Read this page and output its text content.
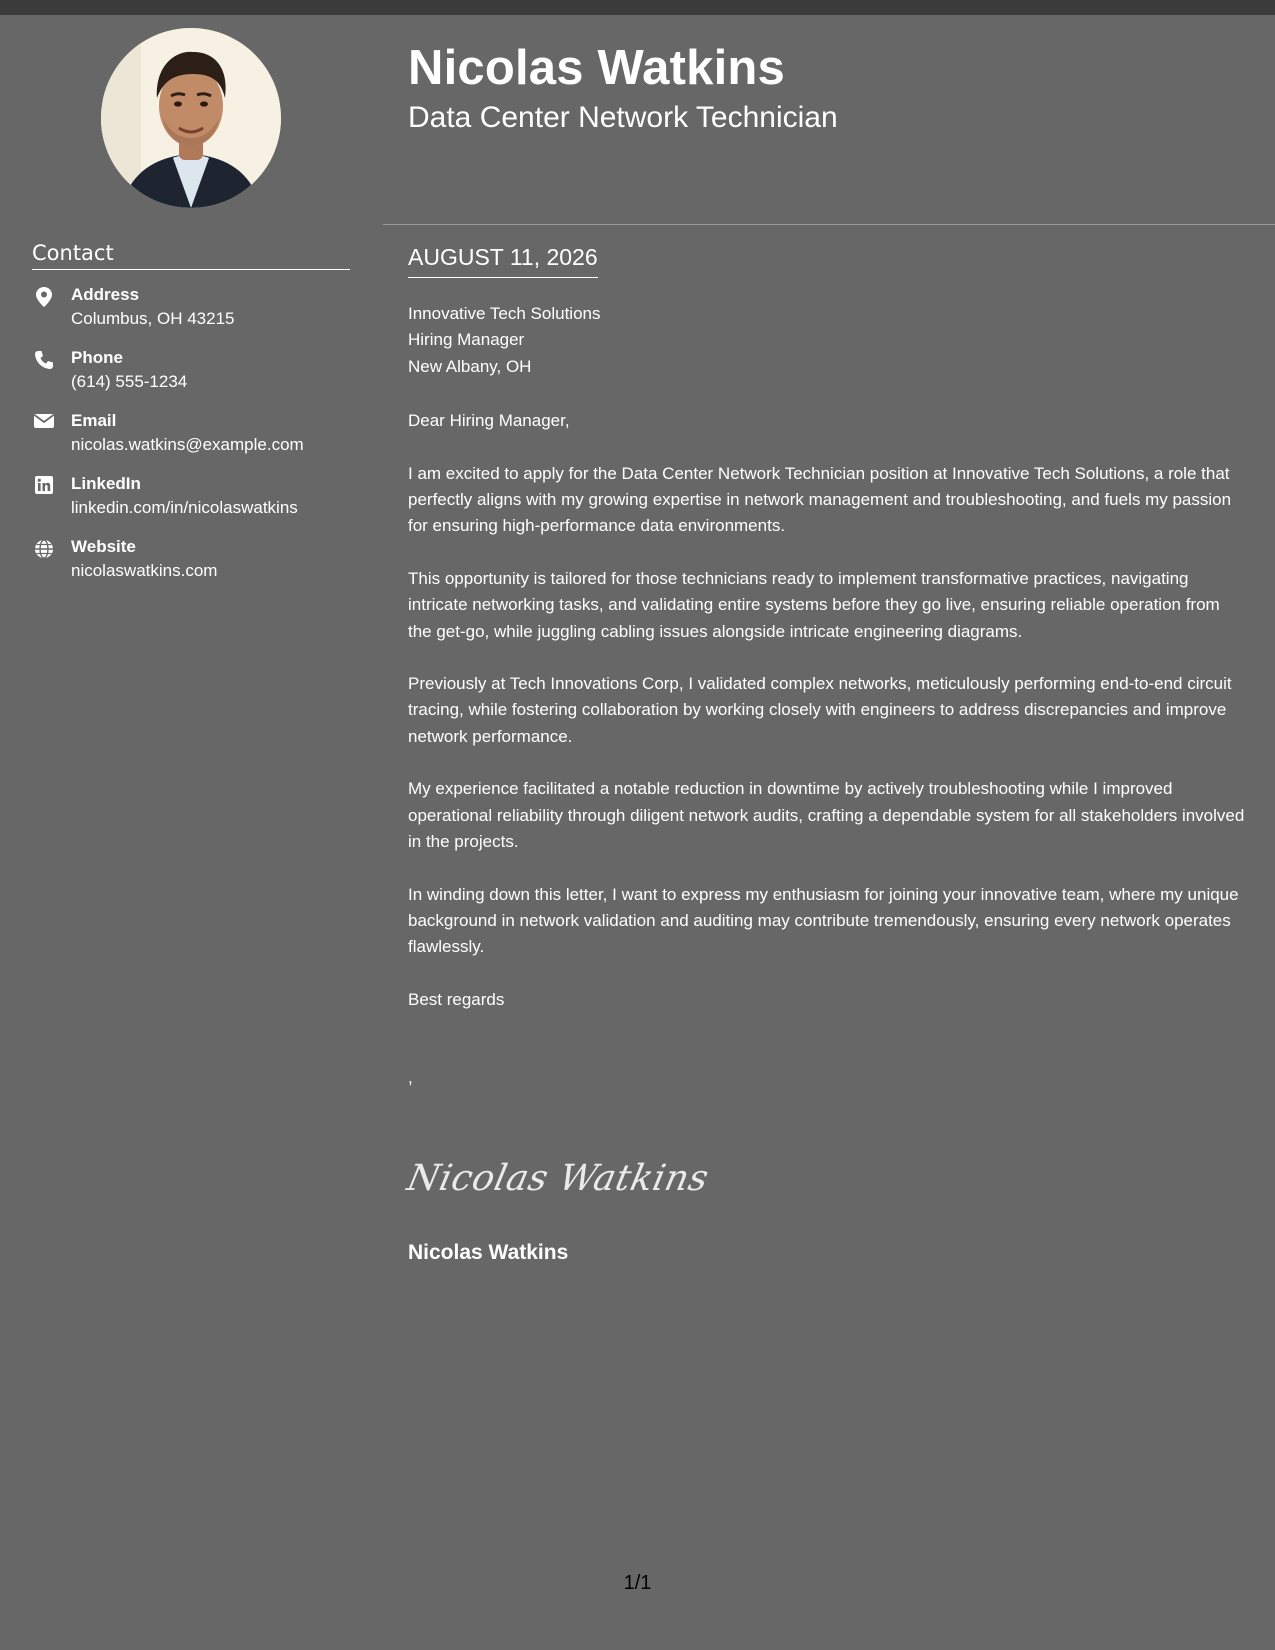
Contact
Address
Columbus, OH 43215
Phone
(614) 555-1234
Email
nicolas.watkins@example.com
LinkedIn
linkedin.com/in/nicolaswatkins
Website
nicolaswatkins.com
Nicolas Watkins
Data Center Network Technician
AUGUST 11, 2026
Innovative Tech Solutions
Hiring Manager
New Albany, OH
Dear Hiring Manager,
I am excited to apply for the Data Center Network Technician position at Innovative Tech Solutions, a role that perfectly aligns with my growing expertise in network management and troubleshooting, and fuels my passion for ensuring high-performance data environments.
This opportunity is tailored for those technicians ready to implement transformative practices, navigating intricate networking tasks, and validating entire systems before they go live, ensuring reliable operation from the get-go, while juggling cabling issues alongside intricate engineering diagrams.
Previously at Tech Innovations Corp, I validated complex networks, meticulously performing end-to-end circuit tracing, while fostering collaboration by working closely with engineers to address discrepancies and improve network performance.
My experience facilitated a notable reduction in downtime by actively troubleshooting while I improved operational reliability through diligent network audits, crafting a dependable system for all stakeholders involved in the projects.
In winding down this letter, I want to express my enthusiasm for joining your innovative team, where my unique background in network validation and auditing may contribute tremendously, ensuring every network operates flawlessly.
Best regards
,
Nicolas Watkins
Nicolas Watkins
1/1
